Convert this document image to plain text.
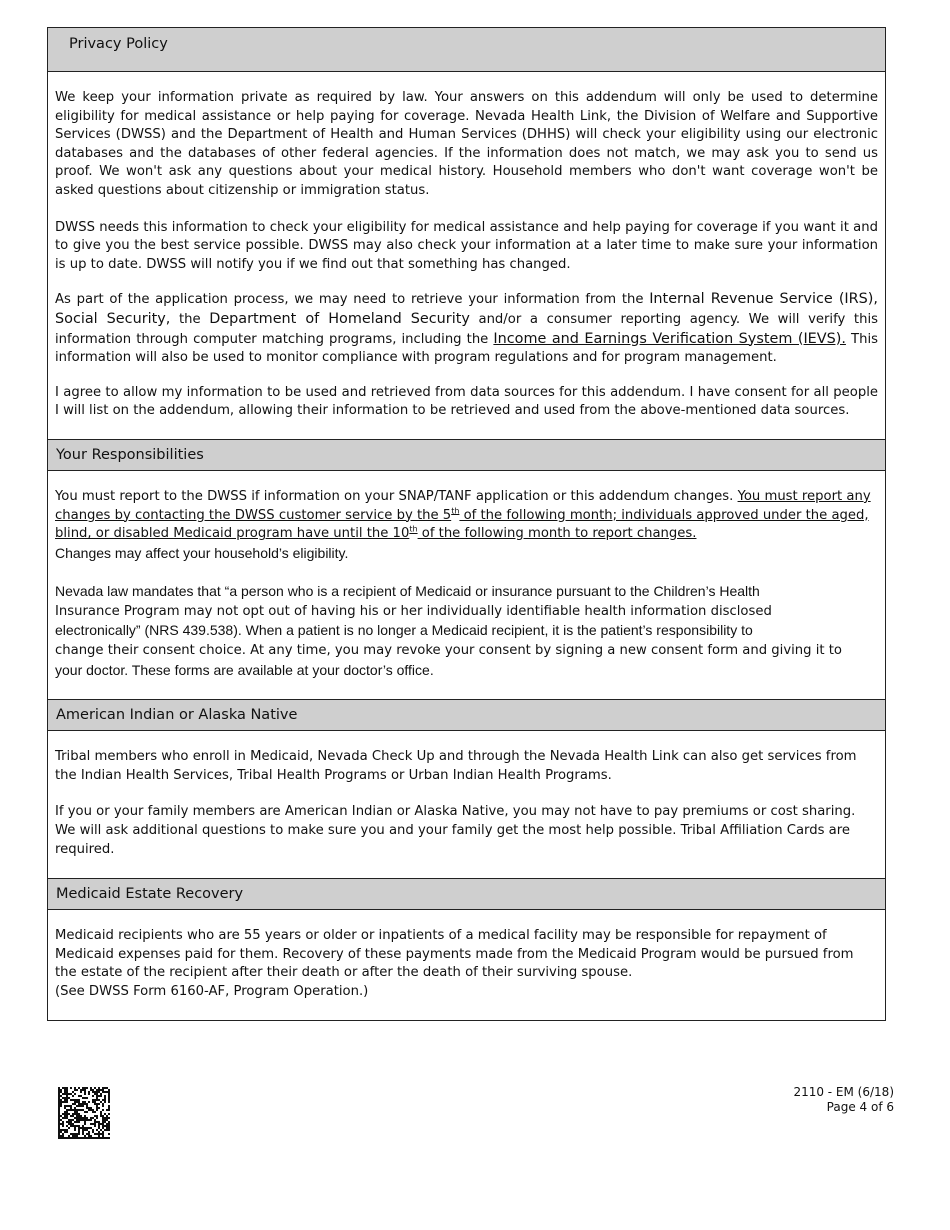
Privacy Policy

We keep your information private as required by law. Your answers on this addendum will only be used to determine eligibility for medical assistance or help paying for coverage. Nevada Health Link, the Division of Welfare and Supportive Services (DWSS) and the Department of Health and Human Services (DHHS) will check your eligibility using our electronic databases and the databases of other federal agencies. If the information does not match, we may ask you to send us proof. We won't ask any questions about your medical history. Household members who don't want coverage won't be asked questions about citizenship or immigration status.

DWSS needs this information to check your eligibility for medical assistance and help paying for coverage if you want it and to give you the best service possible. DWSS may also check your information at a later time to make sure your information is up to date. DWSS will notify you if we find out that something has changed.

As part of the application process, we may need to retrieve your information from the Internal Revenue Service (IRS), Social Security, the Department of Homeland Security and/or a consumer reporting agency. We will verify this information through computer matching programs, including the Income and Earnings Verification System (IEVS). This information will also be used to monitor compliance with program regulations and for program management.

I agree to allow my information to be used and retrieved from data sources for this addendum. I have consent for all people I will list on the addendum, allowing their information to be retrieved and used from the above-mentioned data sources.

Your Responsibilities

You must report to the DWSS if information on your SNAP/TANF application or this addendum changes. You must report any changes by contacting the DWSS customer service by the 5th of the following month; individuals approved under the aged, blind, or disabled Medicaid program have until the 10th of the following month to report changes.
Changes may affect your household’s eligibility.

Nevada law mandates that “a person who is a recipient of Medicaid or insurance pursuant to the Children’s Health
Insurance Program may not opt out of having his or her individually identifiable health information disclosed
electronically” (NRS 439.538). When a patient is no longer a Medicaid recipient, it is the patient’s responsibility to
change their consent choice. At any time, you may revoke your consent by signing a new consent form and giving it to
your doctor. These forms are available at your doctor’s office.

American Indian or Alaska Native

Tribal members who enroll in Medicaid, Nevada Check Up and through the Nevada Health Link can also get services from the Indian Health Services, Tribal Health Programs or Urban Indian Health Programs.

If you or your family members are American Indian or Alaska Native, you may not have to pay premiums or cost sharing. We will ask additional questions to make sure you and your family get the most help possible. Tribal Affiliation Cards are required.

Medicaid Estate Recovery

Medicaid recipients who are 55 years or older or inpatients of a medical facility may be responsible for repayment of Medicaid expenses paid for them. Recovery of these payments made from the Medicaid Program would be pursued from the estate of the recipient after their death or after the death of their surviving spouse.

(See DWSS Form 6160-AF, Program Operation.)

2110 - EM (6/18)
Page 4 of 6
